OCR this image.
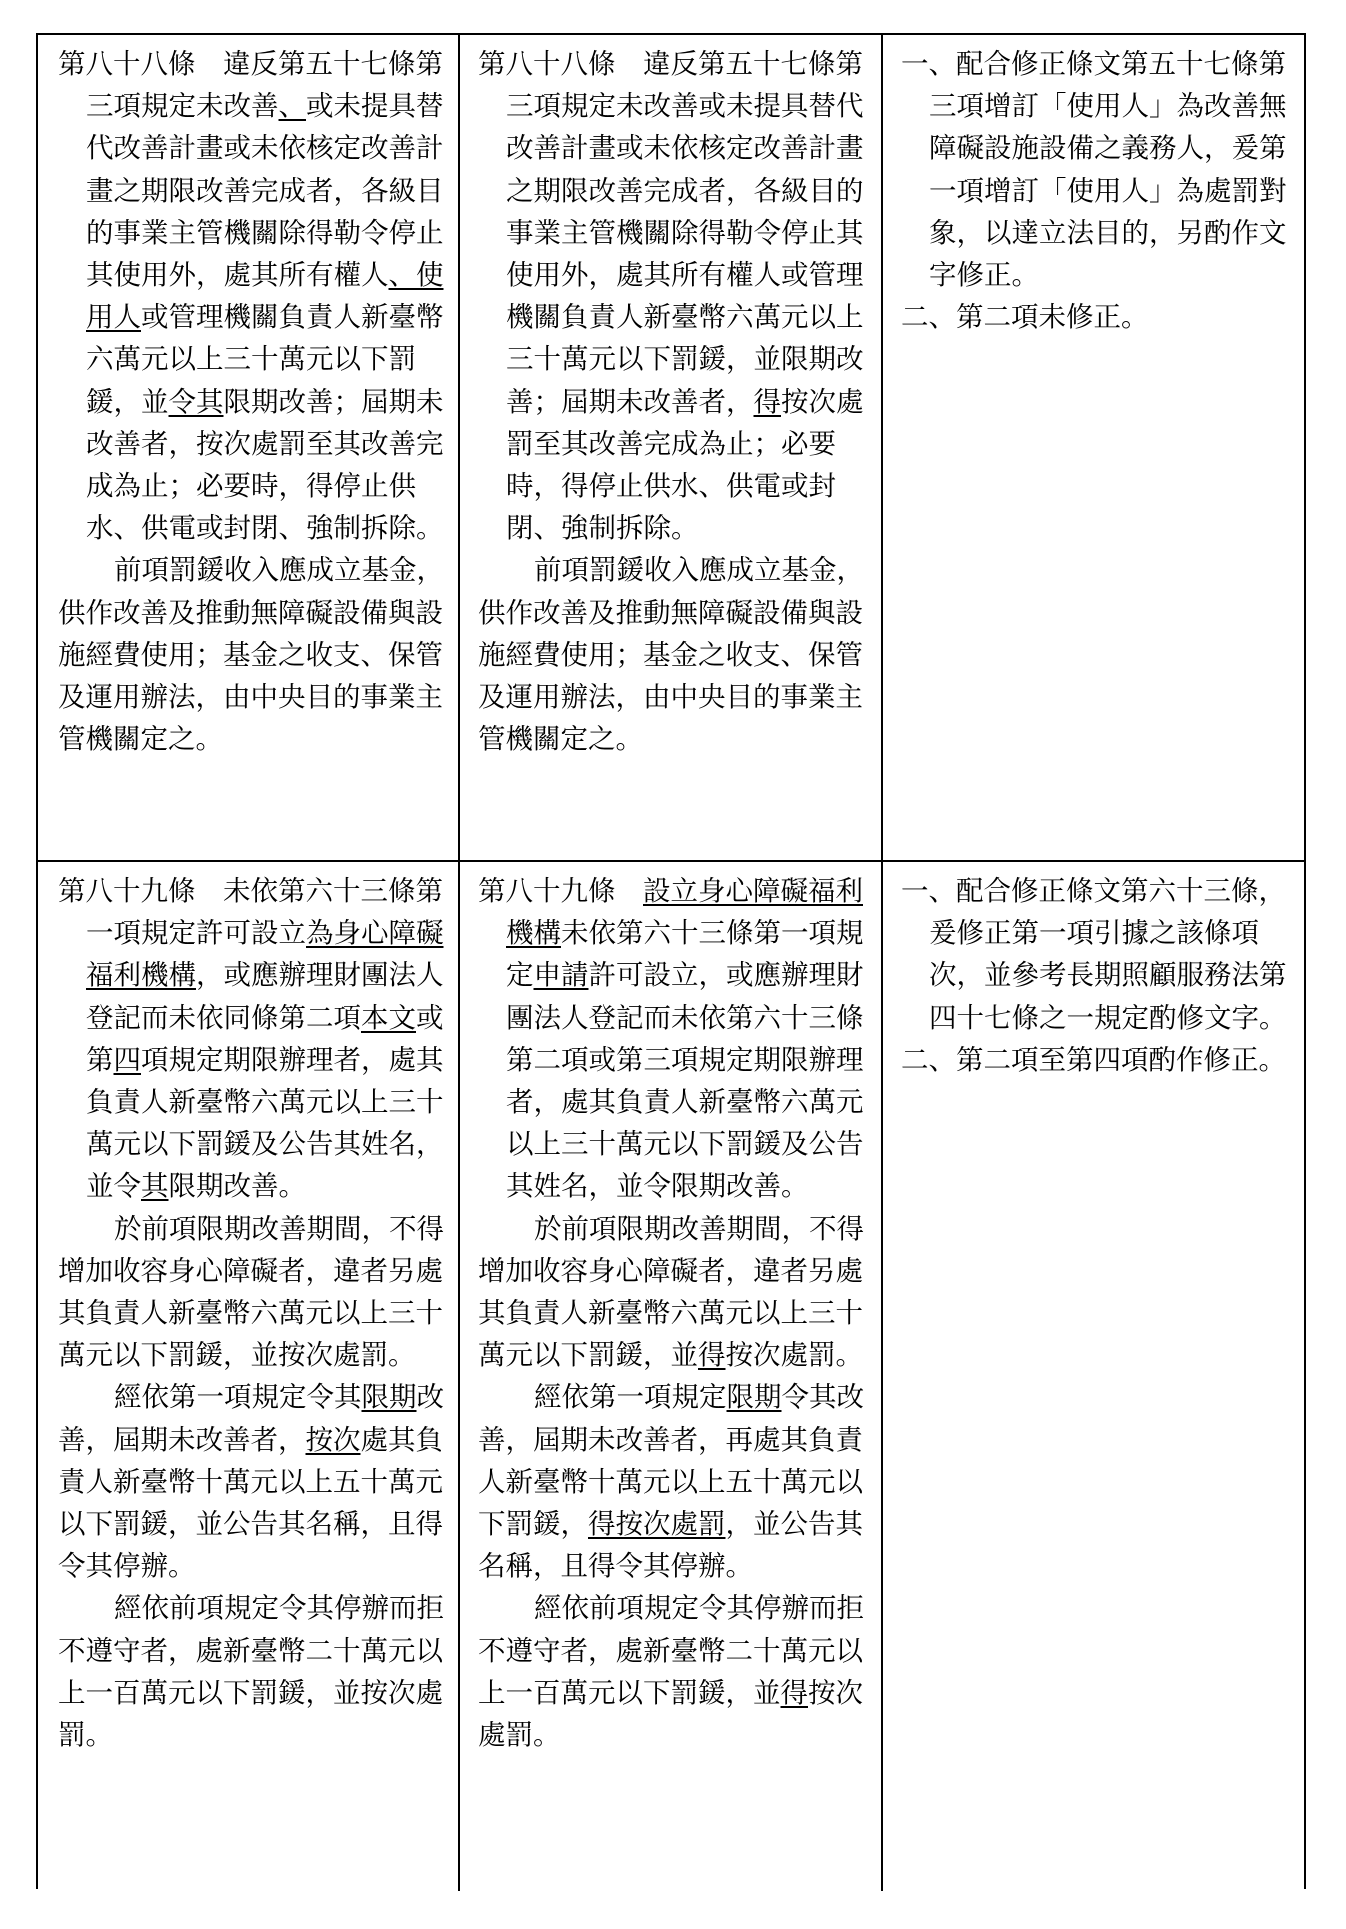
第八十八條　違反第五十七條第三項規定未改善、或未提具替代改善計畫或未依核定改善計畫之期限改善完成者，各級目的事業主管機關除得勒令停止其使用外，處其所有權人、使用人或管理機關負責人新臺幣六萬元以上三十萬元以下罰鍰，並令其限期改善；屆期未改善者，按次處罰至其改善完成為止；必要時，得停止供水、供電或封閉、強制拆除。

前項罰鍰收入應成立基金，供作改善及推動無障礙設備與設施經費使用；基金之收支、保管及運用辦法，由中央目的事業主管機關定之。

第八十八條　違反第五十七條第三項規定未改善或未提具替代改善計畫或未依核定改善計畫之期限改善完成者，各級目的事業主管機關除得勒令停止其使用外，處其所有權人或管理機關負責人新臺幣六萬元以上三十萬元以下罰鍰，並限期改善；屆期未改善者，得按次處罰至其改善完成為止；必要時，得停止供水、供電或封閉、強制拆除。

前項罰鍰收入應成立基金，供作改善及推動無障礙設備與設施經費使用；基金之收支、保管及運用辦法，由中央目的事業主管機關定之。

一、配合修正條文第五十七條第三項增訂「使用人」為改善無障礙設施設備之義務人，爰第一項增訂「使用人」為處罰對象，以達立法目的，另酌作文字修正。

二、第二項未修正。

第八十九條　未依第六十三條第一項規定許可設立為身心障礙福利機構，或應辦理財團法人登記而未依同條第二項本文或第四項規定期限辦理者，處其負責人新臺幣六萬元以上三十萬元以下罰鍰及公告其姓名，並令其限期改善。

於前項限期改善期間，不得增加收容身心障礙者，違者另處其負責人新臺幣六萬元以上三十萬元以下罰鍰，並按次處罰。

經依第一項規定令其限期改善，屆期未改善者，按次處其負責人新臺幣十萬元以上五十萬元以下罰鍰，並公告其名稱，且得令其停辦。

經依前項規定令其停辦而拒不遵守者，處新臺幣二十萬元以上一百萬元以下罰鍰，並按次處罰。

第八十九條　設立身心障礙福利機構未依第六十三條第一項規定申請許可設立，或應辦理財團法人登記而未依第六十三條第二項或第三項規定期限辦理者，處其負責人新臺幣六萬元以上三十萬元以下罰鍰及公告其姓名，並令限期改善。

於前項限期改善期間，不得增加收容身心障礙者，違者另處其負責人新臺幣六萬元以上三十萬元以下罰鍰，並得按次處罰。

經依第一項規定限期令其改善，屆期未改善者，再處其負責人新臺幣十萬元以上五十萬元以下罰鍰，得按次處罰，並公告其名稱，且得令其停辦。

經依前項規定令其停辦而拒不遵守者，處新臺幣二十萬元以上一百萬元以下罰鍰，並得按次處罰。

一、配合修正條文第六十三條，爰修正第一項引據之該條項次，並參考長期照顧服務法第四十七條之一規定酌修文字。

二、第二項至第四項酌作修正。
